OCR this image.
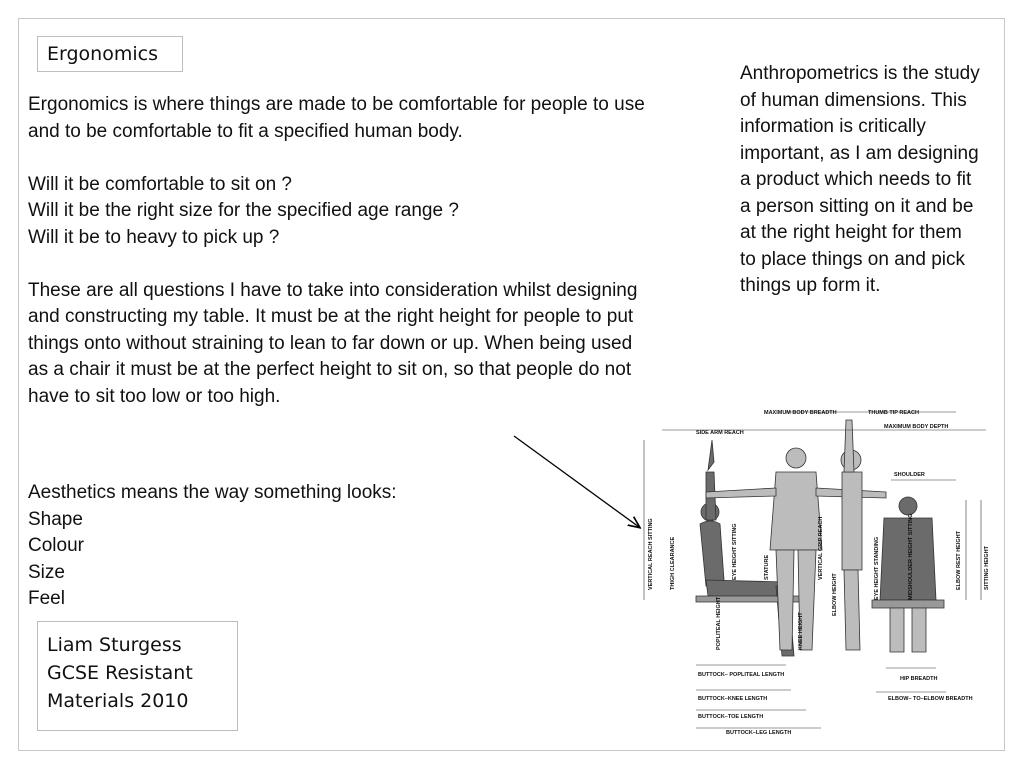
Ergonomics

Ergonomics is where things are made to be comfortable for people to use and to be comfortable to fit a specified human body.

Will it be comfortable to sit on ?

Will it be the right size for the specified age range ?

Will it be to heavy to pick up ?

These are all questions I have to take into consideration whilst designing and constructing my table. It must be at the right height for people to put things onto without straining to lean to far down or up. When being used as a chair it must be at the perfect height to sit on, so that people do not have to sit too low or too high.

Aesthetics means the way something looks:

Shape

Colour

Size

Feel

Anthropometrics is the study of human dimensions. This information is critically important, as I am designing a product which needs to fit a person sitting on it and be at the right height for them to place things on and pick things up form it.
Liam Sturgess
GCSE Resistant
Materials 2010
MAXIMUM BODY BREADTH	THUMB TIP REACH
MAXIMUM BODY DEPTH
SIDE ARM REACH
SHOULDER
VERTICAL REACH SITTING	THIGH CLEARANCE	EYE HEIGHT SITTING	STATURE	VERTICAL GRIP REACH
ELBOW HEIGHT	EYE HEIGHT STANDING	MIDSHOULDER HEIGHT SITTING	ELBOW REST HEIGHT	SITTING HEIGHT
POPLITEAL HEIGHT	KNEE HEIGHT
BUTTOCK– POPLITEAL LENGTH
BUTTOCK–KNEE LENGTH
BUTTOCK–TOE LENGTH
BUTTOCK–LEG LENGTH
HIP BREADTH
ELBOW– TO–ELBOW BREADTH
